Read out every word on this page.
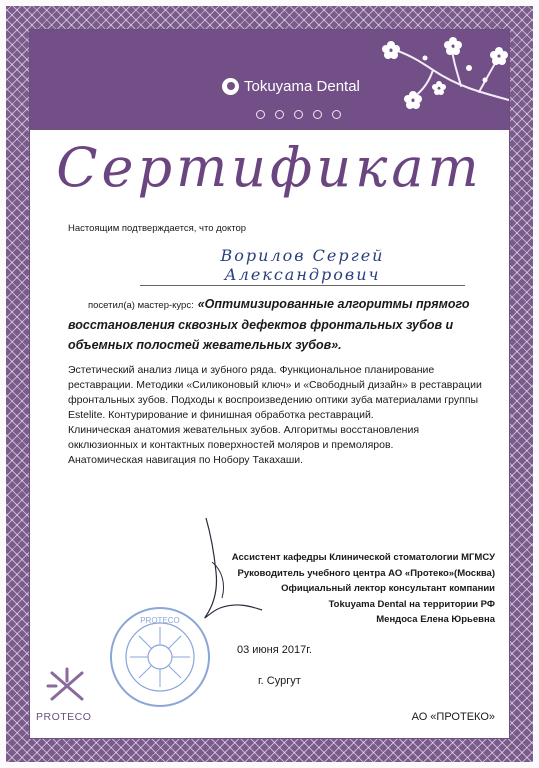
Tokuyama Dental
Сертификат
Настоящим подтверждается, что доктор
Ворилов Сергей Александрович
посетил(а) мастер-курс: «Оптимизированные алгоритмы прямого восстановления сквозных дефектов фронтальных зубов и объемных полостей жевательных зубов».

Эстетический анализ лица и зубного ряда. Функциональное планирование реставрации. Методики «Силиконовый ключ» и «Свободный дизайн» в реставрации фронтальных зубов. Подходы к воспроизведению оптики зуба материалами группы Estelite. Контурирование и финишная обработка реставраций.

Клиническая анатомия жевательных зубов. Алгоритмы восстановления окклюзионных и контактных поверхностей моляров и премоляров.

Анатомическая навигация по Нобору Такахаши.

Ассистент кафедры Клинической стоматологии МГМСУ
Руководитель учебного центра АО «Протеко»(Москва)
Официальный лектор консультант компании
Tokuyama Dental на территории РФ
Мендоса Елена Юрьевна
PROTECO
03 июня 2017г.
г. Сургут
PROTECO	АО «ПРОТЕКО»
